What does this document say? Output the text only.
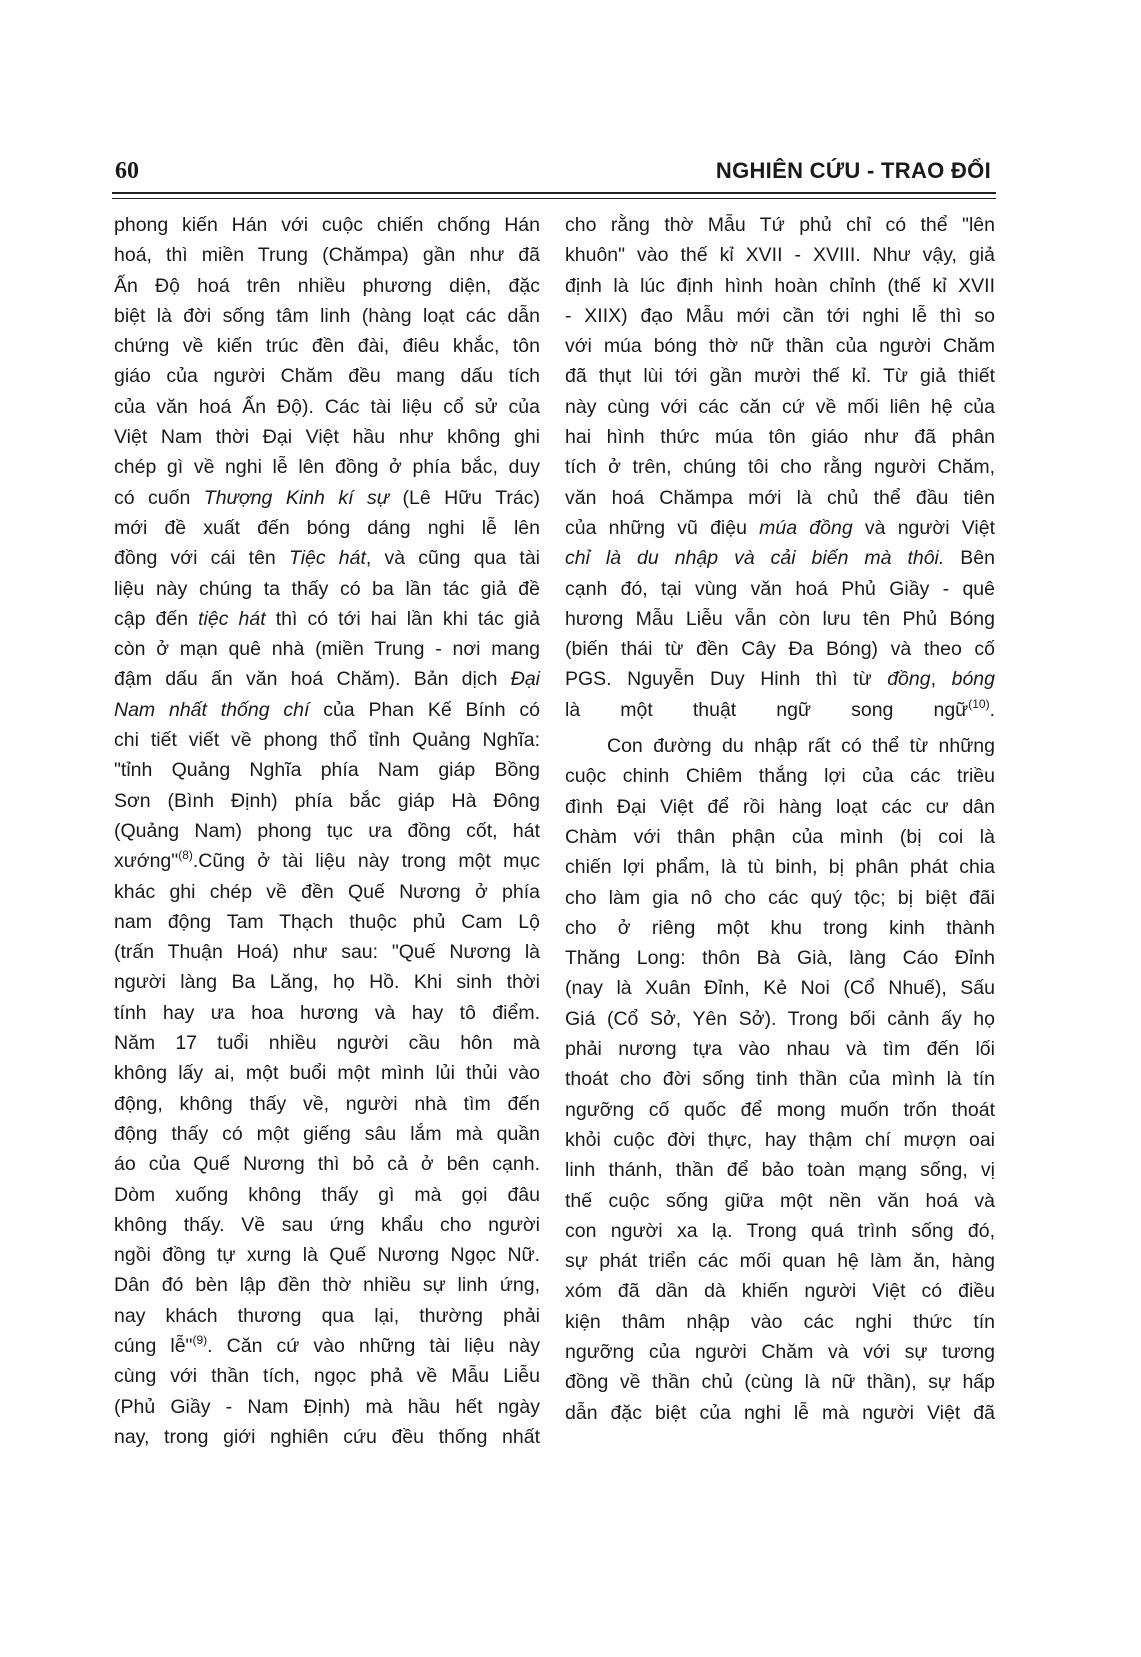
60	NGHIÊN CỨU - TRAO ĐỔI
phong kiến Hán với cuộc chiến chống Hán
hoá, thì miền Trung (Chămpa) gần như đã
Ấn Độ hoá trên nhiều phương diện, đặc
biệt là đời sống tâm linh (hàng loạt các dẫn
chứng về kiến trúc đền đài, điêu khắc, tôn
giáo của người Chăm đều mang dấu tích
của văn hoá Ấn Độ). Các tài liệu cổ sử của
Việt Nam thời Đại Việt hầu như không ghi
chép gì về nghi lễ lên đồng ở phía bắc, duy
có cuốn Thượng Kinh kí sự (Lê Hữu Trác)
mới đề xuất đến bóng dáng nghi lễ lên
đồng với cái tên Tiệc hát, và cũng qua tài
liệu này chúng ta thấy có ba lần tác giả đề
cập đến tiệc hát thì có tới hai lần khi tác giả
còn ở mạn quê nhà (miền Trung - nơi mang
đậm dấu ấn văn hoá Chăm). Bản dịch Đại
Nam nhất thống chí của Phan Kế Bính có
chi tiết viết về phong thổ tỉnh Quảng Nghĩa:
"tỉnh Quảng Nghĩa phía Nam giáp Bồng
Sơn (Bình Định) phía bắc giáp Hà Đông
(Quảng Nam) phong tục ưa đồng cốt, hát
xướng"$^{(8)}$.Cũng ở tài liệu này trong một mục
khác ghi chép về đền Quế Nương ở phía
nam động Tam Thạch thuộc phủ Cam Lộ
(trấn Thuận Hoá) như sau: "Quế Nương là
người làng Ba Lăng, họ Hồ. Khi sinh thời
tính hay ưa hoa hương và hay tô điểm.
Năm 17 tuổi nhiều người cầu hôn mà
không lấy ai, một buổi một mình lủi thủi vào
động, không thấy về, người nhà tìm đến
động thấy có một giếng sâu lắm mà quần
áo của Quế Nương thì bỏ cả ở bên cạnh.
Dòm xuống không thấy gì mà gọi đâu
không thấy. Về sau ứng khẩu cho người
ngồi đồng tự xưng là Quế Nương Ngọc Nữ.
Dân đó bèn lập đền thờ nhiều sự linh ứng,
nay khách thương qua lại, thường phải
cúng lễ"$^{(9)}$. Căn cứ vào những tài liệu này
cùng với thần tích, ngọc phả về Mẫu Liễu
(Phủ Giầy - Nam Định) mà hầu hết ngày
nay, trong giới nghiên cứu đều thống nhất
cho rằng thờ Mẫu Tứ phủ chỉ có thể "lên
khuôn" vào thế kỉ XVII - XVIII. Như vậy, giả
định là lúc định hình hoàn chỉnh (thế kỉ XVII
- XIIX) đạo Mẫu mới cần tới nghi lễ thì so
với múa bóng thờ nữ thần của người Chăm
đã thụt lùi tới gần mười thế kỉ. Từ giả thiết
này cùng với các căn cứ về mối liên hệ của
hai hình thức múa tôn giáo như đã phân
tích ở trên, chúng tôi cho rằng người Chăm,
văn hoá Chămpa mới là chủ thể đầu tiên
của những vũ điệu múa đồng và người Việt
chỉ là du nhập và cải biến mà thôi. Bên
cạnh đó, tại vùng văn hoá Phủ Giầy - quê
hương Mẫu Liễu vẫn còn lưu tên Phủ Bóng
(biến thái từ đền Cây Đa Bóng) và theo cố
PGS. Nguyễn Duy Hinh thì từ đồng, bóng
là một thuật ngữ song ngữ$^{(10)}$.
Con đường du nhập rất có thể từ những
cuộc chinh Chiêm thắng lợi của các triều
đình Đại Việt để rồi hàng loạt các cư dân
Chàm với thân phận của mình (bị coi là
chiến lợi phẩm, là tù binh, bị phân phát chia
cho làm gia nô cho các quý tộc; bị biệt đãi
cho ở riêng một khu trong kinh thành
Thăng Long: thôn Bà Già, làng Cáo Đỉnh
(nay là Xuân Đỉnh, Kẻ Noi (Cổ Nhuế), Sấu
Giá (Cổ Sở, Yên Sở). Trong bối cảnh ấy họ
phải nương tựa vào nhau và tìm đến lối
thoát cho đời sống tinh thần của mình là tín
ngưỡng cố quốc để mong muốn trốn thoát
khỏi cuộc đời thực, hay thậm chí mượn oai
linh thánh, thần để bảo toàn mạng sống, vị
thế cuộc sống giữa một nền văn hoá và
con người xa lạ. Trong quá trình sống đó,
sự phát triển các mối quan hệ làm ăn, hàng
xóm đã dần dà khiến người Việt có điều
kiện thâm nhập vào các nghi thức tín
ngưỡng của người Chăm và với sự tương
đồng về thần chủ (cùng là nữ thần), sự hấp
dẫn đặc biệt của nghi lễ mà người Việt đã
